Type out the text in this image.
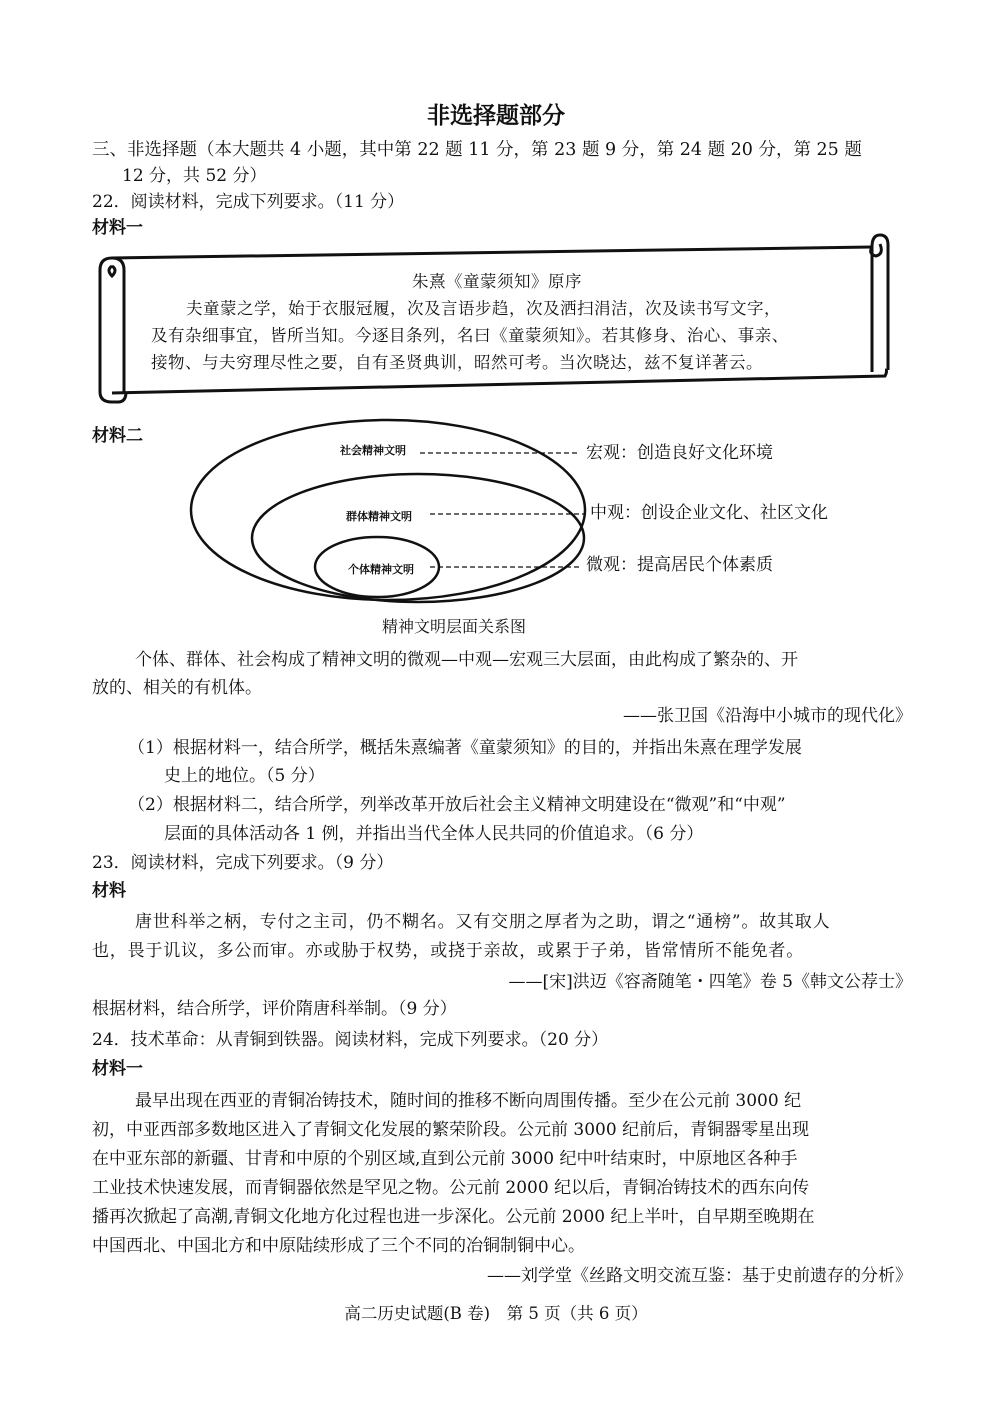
非选择题部分
三、非选择题（本大题共 4 小题，其中第 22 题 11 分，第 23 题 9 分，第 24 题 20 分，第 25 题
12 分，共 52 分）
22．阅读材料，完成下列要求。（11 分）
材料一
朱熹《童蒙须知》原序
夫童蒙之学，始于衣服冠履，次及言语步趋，次及洒扫涓洁，次及读书写文字，
及有杂细事宜，皆所当知。今逐目条列，名曰《童蒙须知》。若其修身、治心、事亲、
接物、与夫穷理尽性之要，自有圣贤典训，昭然可考。当次晓达，兹不复详著云。
材料二
社会精神文明
群体精神文明
个体精神文明
宏观：创造良好文化环境
中观：创设企业文化、社区文化
微观：提高居民个体素质
精神文明层面关系图
个体、群体、社会构成了精神文明的微观—中观—宏观三大层面，由此构成了繁杂的、开
放的、相关的有机体。
——张卫国《沿海中小城市的现代化》
（1）根据材料一，结合所学，概括朱熹编著《童蒙须知》的目的，并指出朱熹在理学发展
史上的地位。（5 分）
（2）根据材料二，结合所学，列举改革开放后社会主义精神文明建设在“微观”和“中观”
层面的具体活动各 1 例，并指出当代全体人民共同的价值追求。（6 分）
23．阅读材料，完成下列要求。（9 分）
材料
唐世科举之柄，专付之主司，仍不糊名。又有交朋之厚者为之助，谓之“通榜”。故其取人
也，畏于讥议，多公而审。亦或胁于权势，或挠于亲故，或累于子弟，皆常情所不能免者。
——[宋]洪迈《容斋随笔・四笔》卷 5《韩文公荐士》
根据材料，结合所学，评价隋唐科举制。（9 分）
24．技术革命：从青铜到铁器。阅读材料，完成下列要求。（20 分）
材料一
最早出现在西亚的青铜冶铸技术，随时间的推移不断向周围传播。至少在公元前 3000 纪
初，中亚西部多数地区进入了青铜文化发展的繁荣阶段。公元前 3000 纪前后，青铜器零星出现
在中亚东部的新疆、甘青和中原的个别区域,直到公元前 3000 纪中叶结束时，中原地区各种手
工业技术快速发展，而青铜器依然是罕见之物。公元前 2000 纪以后，青铜冶铸技术的西东向传
播再次掀起了高潮,青铜文化地方化过程也进一步深化。公元前 2000 纪上半叶，自早期至晚期在
中国西北、中国北方和中原陆续形成了三个不同的冶铜制铜中心。
——刘学堂《丝路文明交流互鉴：基于史前遗存的分析》
高二历史试题(B 卷)　第 5 页（共 6 页）
